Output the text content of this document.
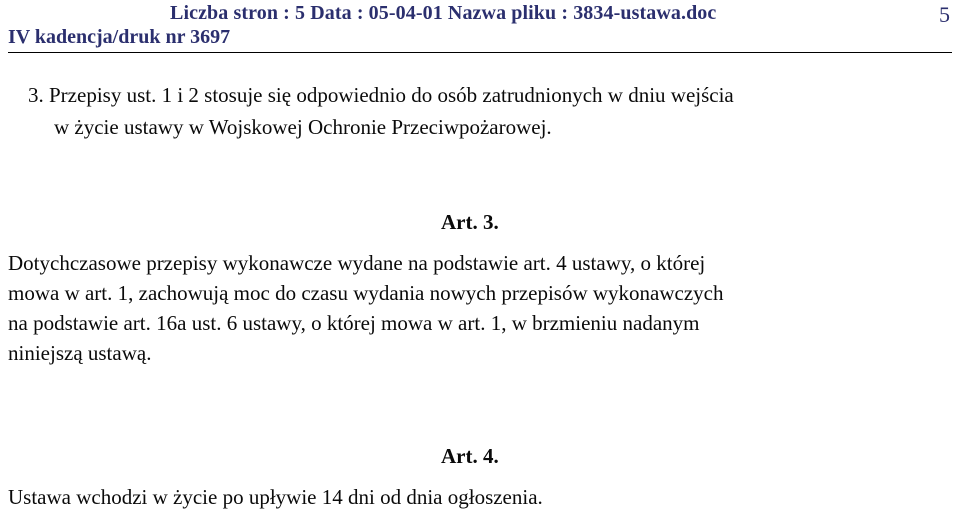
Liczba stron : 5 Data : 05-04-01 Nazwa pliku : 3834-ustawa.doc
IV kadencja/druk nr 3697
5
3. Przepisy ust. 1 i 2 stosuje się odpowiednio do osób zatrudnionych w dniu wejścia
w życie ustawy w Wojskowej Ochronie Przeciwpożarowej.
Art. 3.
Dotychczasowe przepisy wykonawcze wydane na podstawie art. 4 ustawy, o której
mowa w art. 1, zachowują moc do czasu wydania nowych przepisów wykonawczych
na podstawie art. 16a ust. 6 ustawy, o której mowa w art. 1, w brzmieniu nadanym
niniejszą ustawą.
Art. 4.
Ustawa wchodzi w życie po upływie 14 dni od dnia ogłoszenia.
